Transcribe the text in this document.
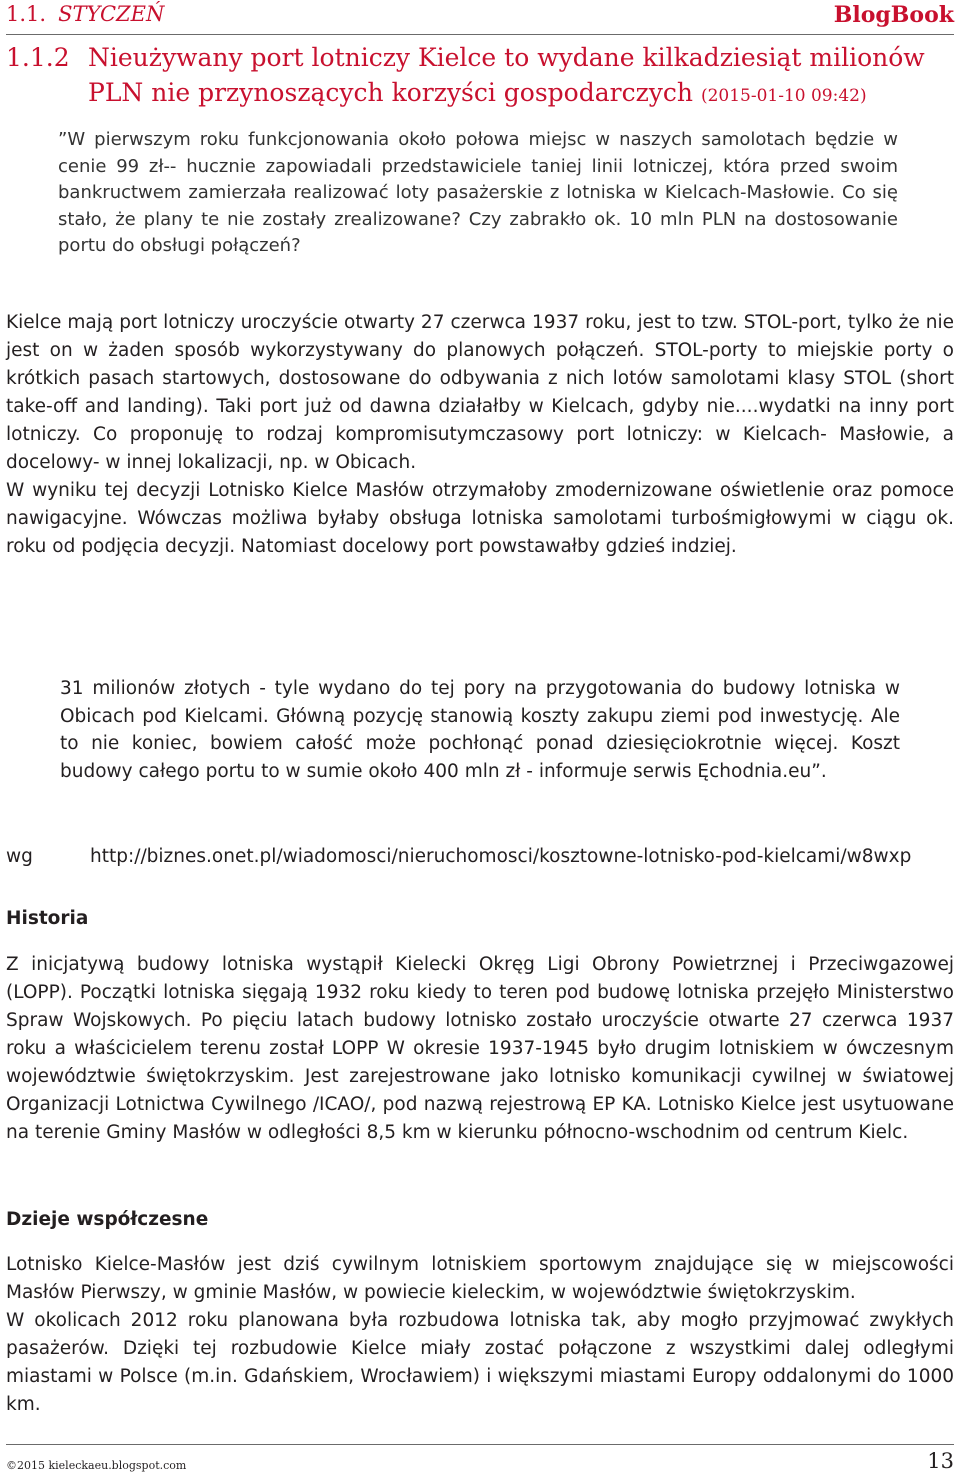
1.1. STYCZEŃ	BlogBook
1.1.2 Nieużywany port lotniczy Kielce to wydane kilkadziesiąt milionów
PLN nie przynoszących korzyści gospodarczych (2015-01-10 09:42)

”W pierwszym roku funkcjonowania około połowa miejsc w naszych samolotach będzie w cenie 99 zł-- hucznie zapowiadali przedstawiciele taniej linii lotniczej, która przed swoim bankructwem zamierzała realizować loty pasażerskie z lotniska w Kielcach-Masłowie. Co się stało, że plany te nie zostały zrealizowane? Czy zabrakło ok. 10 mln PLN na dostosowanie portu do obsługi połączeń?

Kielce mają port lotniczy uroczyście otwarty 27 czerwca 1937 roku, jest to tzw. STOL-port, tylko że nie jest on w żaden sposób wykorzystywany do planowych połączeń. STOL-porty to miejskie porty o krótkich pasach startowych, dostosowane do odbywania z nich lotów samolotami klasy STOL (short take-off and landing). Taki port już od dawna działałby w Kielcach, gdyby nie....wydatki na inny port lotniczy. Co proponuję to rodzaj kompromisutymczasowy port lotniczy: w Kielcach- Masłowie, a docelowy- w innej lokalizacji, np. w Obicach.

W wyniku tej decyzji Lotnisko Kielce Masłów otrzymałoby zmodernizowane oświetlenie oraz pomoce nawigacyjne. Wówczas możliwa byłaby obsługa lotniska samolotami turbośmigłowymi w ciągu ok. roku od podjęcia decyzji. Natomiast docelowy port powstawałby gdzieś indziej.

31 milionów złotych - tyle wydano do tej pory na przygotowania do budowy lotniska w Obicach pod Kielcami. Główną pozycję stanowią koszty zakupu ziemi pod inwestycję. Ale to nie koniec, bowiem całość może pochłonąć ponad dziesięciokrotnie więcej. Koszt budowy całego portu to w sumie około 400 mln zł - informuje serwis Ęchodnia.eu”.

wg	http://biznes.onet.pl/wiadomosci/nieruchomosci/kosztowne-lotnisko-pod-kielcami/w8wxp
Historia

Z inicjatywą budowy lotniska wystąpił Kielecki Okręg Ligi Obrony Powietrznej i Przeciwgazowej (LOPP). Początki lotniska sięgają 1932 roku kiedy to teren pod budowę lotniska przejęło Ministerstwo Spraw Wojskowych. Po pięciu latach budowy lotnisko zostało uroczyście otwarte 27 czerwca 1937 roku a właścicielem terenu został LOPP W okresie 1937-1945 było drugim lotniskiem w ówczesnym województwie świętokrzyskim. Jest zarejestrowane jako lotnisko komunikacji cywilnej w światowej Organizacji Lotnictwa Cywilnego /ICAO/, pod nazwą rejestrową EP KA. Lotnisko Kielce jest usytuowane na terenie Gminy Masłów w odległości 8,5 km w kierunku północno-wschodnim od centrum Kielc.

Dzieje współczesne

Lotnisko Kielce-Masłów jest dziś cywilnym lotniskiem sportowym znajdujące się w miejscowości Masłów Pierwszy, w gminie Masłów, w powiecie kieleckim, w województwie świętokrzyskim.

W okolicach 2012 roku planowana była rozbudowa lotniska tak, aby mogło przyjmować zwykłych pasażerów. Dzięki tej rozbudowie Kielce miały zostać połączone z wszystkimi dalej odległymi miastami w Polsce (m.in. Gdańskiem, Wrocławiem) i większymi miastami Europy oddalonymi do 1000 km.

©2015 kieleckaeu.blogspot.com	13
